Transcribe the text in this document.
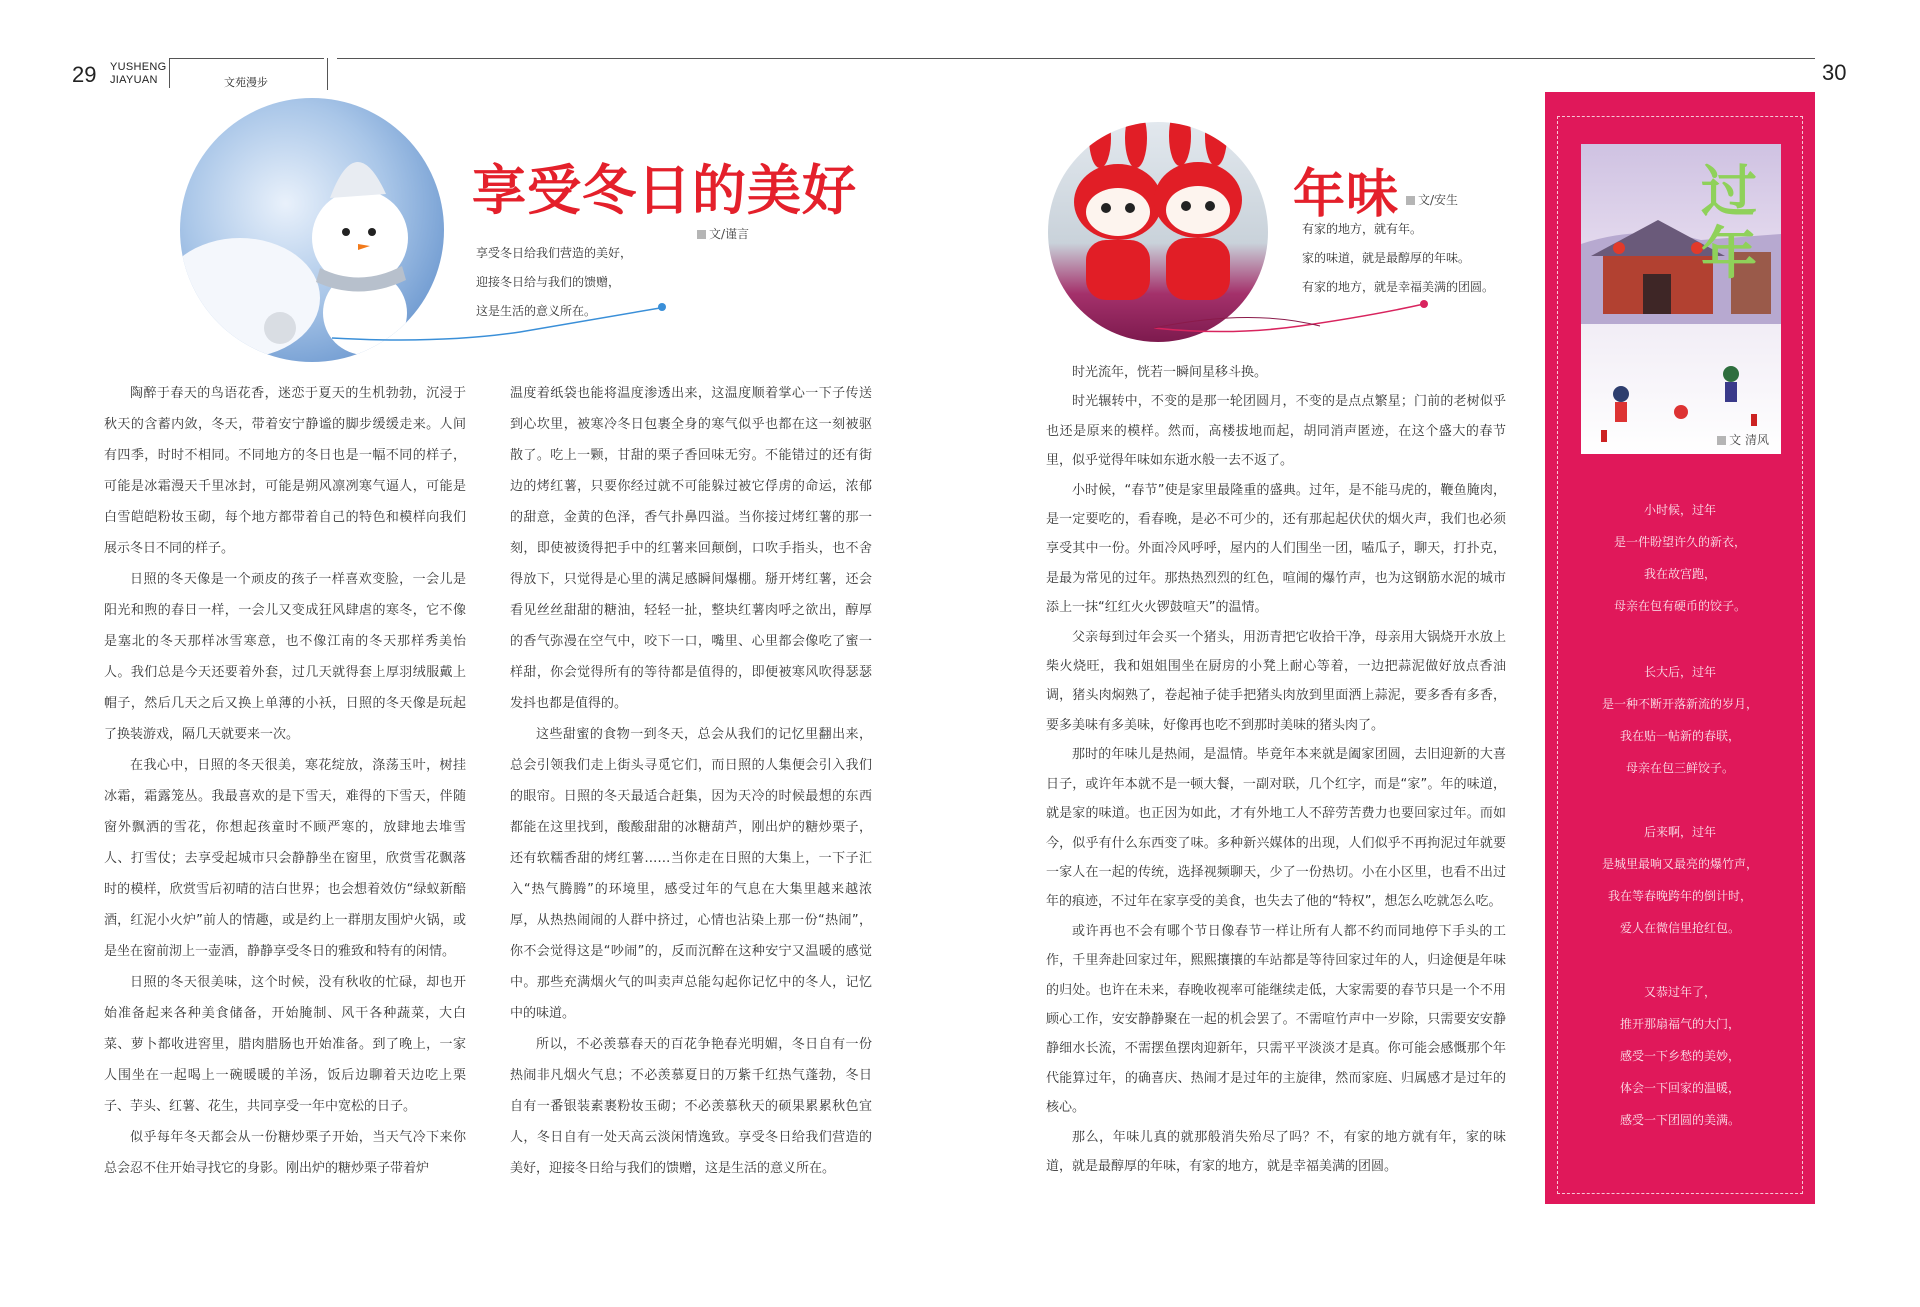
29 YUSHENG
JIAYUAN	文苑漫步	30
享受冬日的美好
文/谨言
享受冬日给我们营造的美好，
迎接冬日给与我们的馈赠，
这是生活的意义所在。

陶醉于春天的鸟语花香，迷恋于夏天的生机勃勃，沉浸于秋天的含蓄内敛，冬天，带着安宁静谧的脚步缓缓走来。人间有四季，时时不相同。不同地方的冬日也是一幅不同的样子，可能是冰霜漫天千里冰封，可能是朔风凛冽寒气逼人，可能是白雪皑皑粉妆玉砌，每个地方都带着自己的特色和模样向我们展示冬日不同的样子。

日照的冬天像是一个顽皮的孩子一样喜欢变脸，一会儿是阳光和煦的春日一样，一会儿又变成狂风肆虐的寒冬，它不像是塞北的冬天那样冰雪寒意，也不像江南的冬天那样秀美怡人。我们总是今天还要着外套，过几天就得套上厚羽绒服戴上帽子，然后几天之后又换上单薄的小袄，日照的冬天像是玩起了换装游戏，隔几天就要来一次。

在我心中，日照的冬天很美，寒花绽放，涤荡玉叶，树挂冰霜，霜露笼丛。我最喜欢的是下雪天，难得的下雪天，伴随窗外飘洒的雪花，你想起孩童时不顾严寒的，放肆地去堆雪人、打雪仗；去享受起城市只会静静坐在窗里，欣赏雪花飘落时的模样，欣赏雪后初晴的洁白世界；也会想着效仿“绿蚁新醅酒，红泥小火炉”前人的情趣，或是约上一群朋友围炉火锅，或是坐在窗前沏上一壶酒，静静享受冬日的雅致和特有的闲情。

日照的冬天很美味，这个时候，没有秋收的忙碌，却也开始准备起来各种美食储备，开始腌制、风干各种蔬菜，大白菜、萝卜都收进窖里，腊肉腊肠也开始准备。到了晚上，一家人围坐在一起喝上一碗暖暖的羊汤，饭后边聊着天边吃上栗子、芋头、红薯、花生，共同享受一年中宽松的日子。

似乎每年冬天都会从一份糖炒栗子开始，当天气冷下来你总会忍不住开始寻找它的身影。刚出炉的糖炒栗子带着炉

温度着纸袋也能将温度渗透出来，这温度顺着掌心一下子传送到心坎里，被寒冷冬日包裹全身的寒气似乎也都在这一刻被驱散了。吃上一颗，甘甜的栗子香回味无穷。不能错过的还有街边的烤红薯，只要你经过就不可能躲过被它俘虏的命运，浓郁的甜意，金黄的色泽，香气扑鼻四溢。当你接过烤红薯的那一刻，即使被烫得把手中的红薯来回颠倒，口吹手指头，也不舍得放下，只觉得是心里的满足感瞬间爆棚。掰开烤红薯，还会看见丝丝甜甜的糖油，轻轻一扯，整块红薯肉呼之欲出，醇厚的香气弥漫在空气中，咬下一口，嘴里、心里都会像吃了蜜一样甜，你会觉得所有的等待都是值得的，即便被寒风吹得瑟瑟发抖也都是值得的。

这些甜蜜的食物一到冬天，总会从我们的记忆里翻出来，总会引领我们走上街头寻觅它们，而日照的人集便会引入我们的眼帘。日照的冬天最适合赶集，因为天冷的时候最想的东西都能在这里找到，酸酸甜甜的冰糖葫芦，刚出炉的糖炒栗子，还有软糯香甜的烤红薯……当你走在日照的大集上，一下子汇入“热气腾腾”的环境里，感受过年的气息在大集里越来越浓厚，从热热闹闹的人群中挤过，心情也沾染上那一份“热闹”，你不会觉得这是“吵闹”的，反而沉醉在这种安宁又温暖的感觉中。那些充满烟火气的叫卖声总能勾起你记忆中的冬人，记忆中的味道。

所以，不必羡慕春天的百花争艳春光明媚，冬日自有一份热闹非凡烟火气息；不必羡慕夏日的万紫千红热气蓬勃，冬日自有一番银装素裹粉妆玉砌；不必羡慕秋天的硕果累累秋色宜人，冬日自有一处天高云淡闲情逸致。享受冬日给我们营造的美好，迎接冬日给与我们的馈赠，这是生活的意义所在。

年味	文/安生
有家的地方，就有年。
家的味道，就是最醇厚的年味。
有家的地方，就是幸福美满的团圆。

时光流年，恍若一瞬间星移斗换。

时光辗转中，不变的是那一轮团圆月，不变的是点点繁星；门前的老树似乎也还是原来的模样。然而，高楼拔地而起，胡同消声匿迹，在这个盛大的春节里，似乎觉得年味如东逝水般一去不返了。

小时候，“春节”使是家里最隆重的盛典。过年，是不能马虎的，鞭鱼腌肉，是一定要吃的，看春晚，是必不可少的，还有那起起伏伏的烟火声，我们也必须享受其中一份。外面冷风呼呼，屋内的人们围坐一团，嗑瓜子，聊天，打扑克，是最为常见的过年。那热热烈烈的红色，喧闹的爆竹声，也为这钢筋水泥的城市添上一抹“红红火火锣鼓喧天”的温情。

父亲每到过年会买一个猪头，用沥青把它收拾干净，母亲用大锅烧开水放上柴火烧旺，我和姐姐围坐在厨房的小凳上耐心等着，一边把蒜泥做好放点香油调，猪头肉焖熟了，卷起袖子徒手把猪头肉放到里面洒上蒜泥，要多香有多香，要多美味有多美味，好像再也吃不到那时美味的猪头肉了。

那时的年味儿是热闹，是温情。毕竟年本来就是阖家团圆，去旧迎新的大喜日子，或许年本就不是一顿大餐，一副对联，几个红字，而是“家”。年的味道，就是家的味道。也正因为如此，才有外地工人不辞劳苦费力也要回家过年。而如今，似乎有什么东西变了味。多种新兴媒体的出现，人们似乎不再拘泥过年就要一家人在一起的传统，选择视频聊天，少了一份热切。小在小区里，也看不出过年的痕迹，不过年在家享受的美食，也失去了他的“特权”，想怎么吃就怎么吃。

或许再也不会有哪个节日像春节一样让所有人都不约而同地停下手头的工作，千里奔赴回家过年，熙熙攘攘的车站都是等待回家过年的人，归途便是年味的归处。也许在未来，春晚收视率可能继续走低，大家需要的春节只是一个不用顾心工作，安安静静聚在一起的机会罢了。不需喧竹声中一岁除，只需要安安静静细水长流，不需摆鱼摆肉迎新年，只需平平淡淡才是真。你可能会感慨那个年代能算过年，的确喜庆、热闹才是过年的主旋律，然而家庭、归属感才是过年的核心。

那么，年味儿真的就那般消失殆尽了吗？不，有家的地方就有年，家的味道，就是最醇厚的年味，有家的地方，就是幸福美满的团圆。

过年
文 清风
小时候，过年
是一件盼望许久的新衣，
我在故宫跑，
母亲在包有硬币的饺子。
长大后，过年
是一种不断开落新流的岁月，
我在贴一帖新的春联，
母亲在包三鲜饺子。
后来啊，过年
是城里最响又最亮的爆竹声，
我在等春晚跨年的倒计时，
爱人在微信里抢红包。
又恭过年了，
推开那扇福气的大门，
感受一下乡愁的美妙，
体会一下回家的温暖，
感受一下团圆的美满。
